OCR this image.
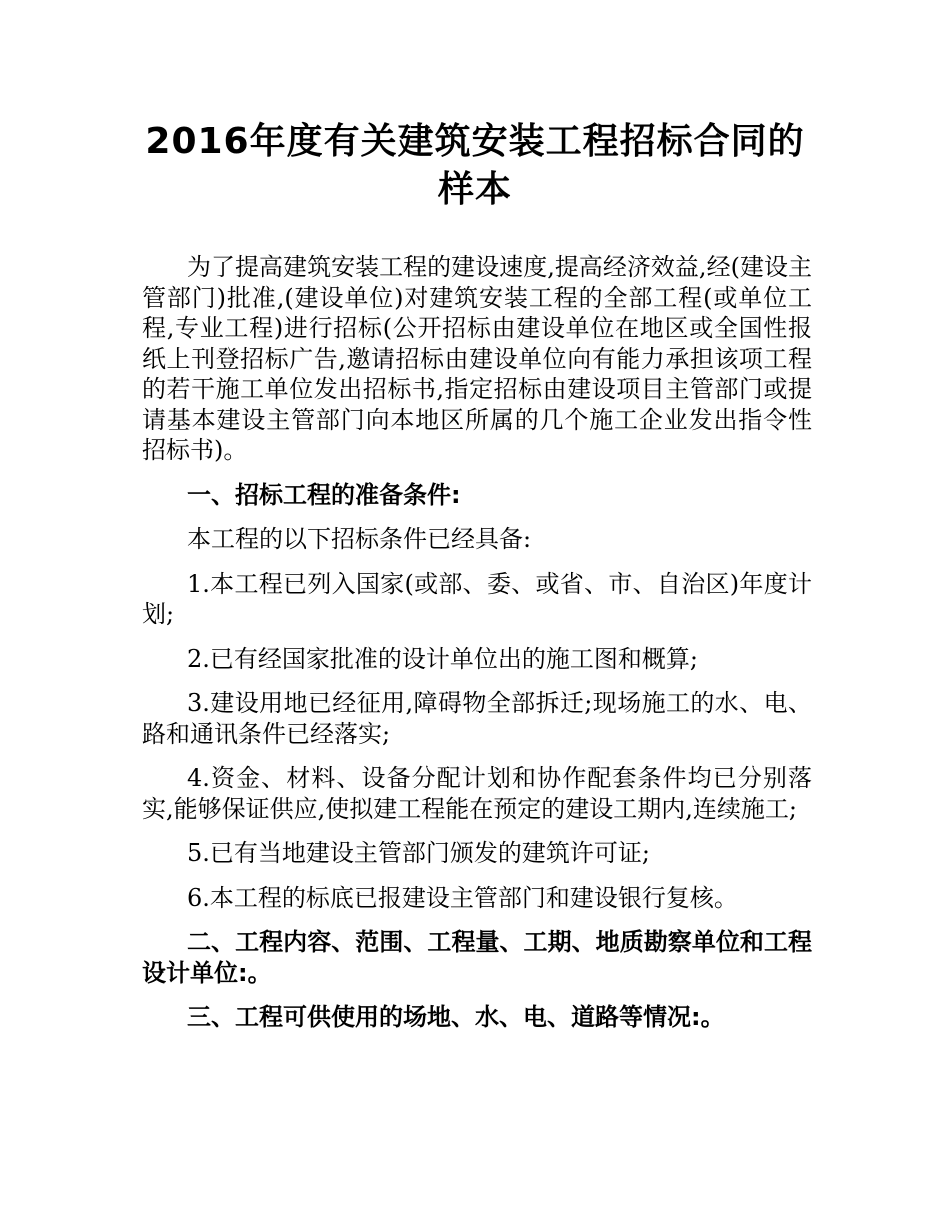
2016年度有关建筑安装工程招标合同的
样本

为了提高建筑安装工程的建设速度,提高经济效益,经(建设主管部门)批准,(建设单位)对建筑安装工程的全部工程(或单位工程,专业工程)进行招标(公开招标由建设单位在地区或全国性报纸上刊登招标广告,邀请招标由建设单位向有能力承担该项工程的若干施工单位发出招标书,指定招标由建设项目主管部门或提请基本建设主管部门向本地区所属的几个施工企业发出指令性招标书)。

一、招标工程的准备条件:

本工程的以下招标条件已经具备:

1.本工程已列入国家(或部、委、或省、市、自治区)年度计划;

2.已有经国家批准的设计单位出的施工图和概算;

3.建设用地已经征用,障碍物全部拆迁;现场施工的水、电、路和通讯条件已经落实;

4.资金、材料、设备分配计划和协作配套条件均已分别落实,能够保证供应,使拟建工程能在预定的建设工期内,连续施工;

5.已有当地建设主管部门颁发的建筑许可证;

6.本工程的标底已报建设主管部门和建设银行复核。

二、工程内容、范围、工程量、工期、地质勘察单位和工程设计单位:。

三、工程可供使用的场地、水、电、道路等情况:。
